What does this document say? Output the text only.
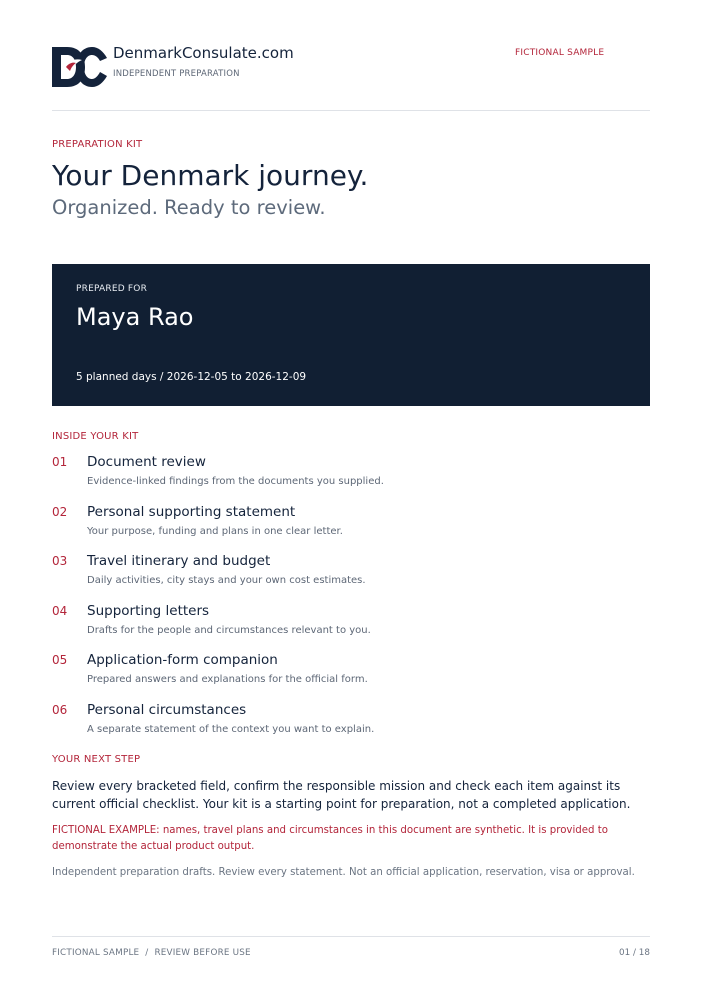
DenmarkConsulate.com
INDEPENDENT PREPARATION
FICTIONAL SAMPLE
PREPARATION KIT
Your Denmark journey.
Organized. Ready to review.
PREPARED FOR
Maya Rao
5 planned days / 2026-12-05 to 2026-12-09
INSIDE YOUR KIT
01 Document review
Evidence-linked findings from the documents you supplied.
02 Personal supporting statement
Your purpose, funding and plans in one clear letter.
03 Travel itinerary and budget
Daily activities, city stays and your own cost estimates.
04 Supporting letters
Drafts for the people and circumstances relevant to you.
05 Application-form companion
Prepared answers and explanations for the official form.
06 Personal circumstances
A separate statement of the context you want to explain.
YOUR NEXT STEP

Review every bracketed field, confirm the responsible mission and check each item against its current official checklist. Your kit is a starting point for preparation, not a completed application.

FICTIONAL EXAMPLE: names, travel plans and circumstances in this document are synthetic. It is provided to demonstrate the actual product output.

Independent preparation drafts. Review every statement. Not an official application, reservation, visa or approval.

FICTIONAL SAMPLE  /  REVIEW BEFORE USE	01 / 18
